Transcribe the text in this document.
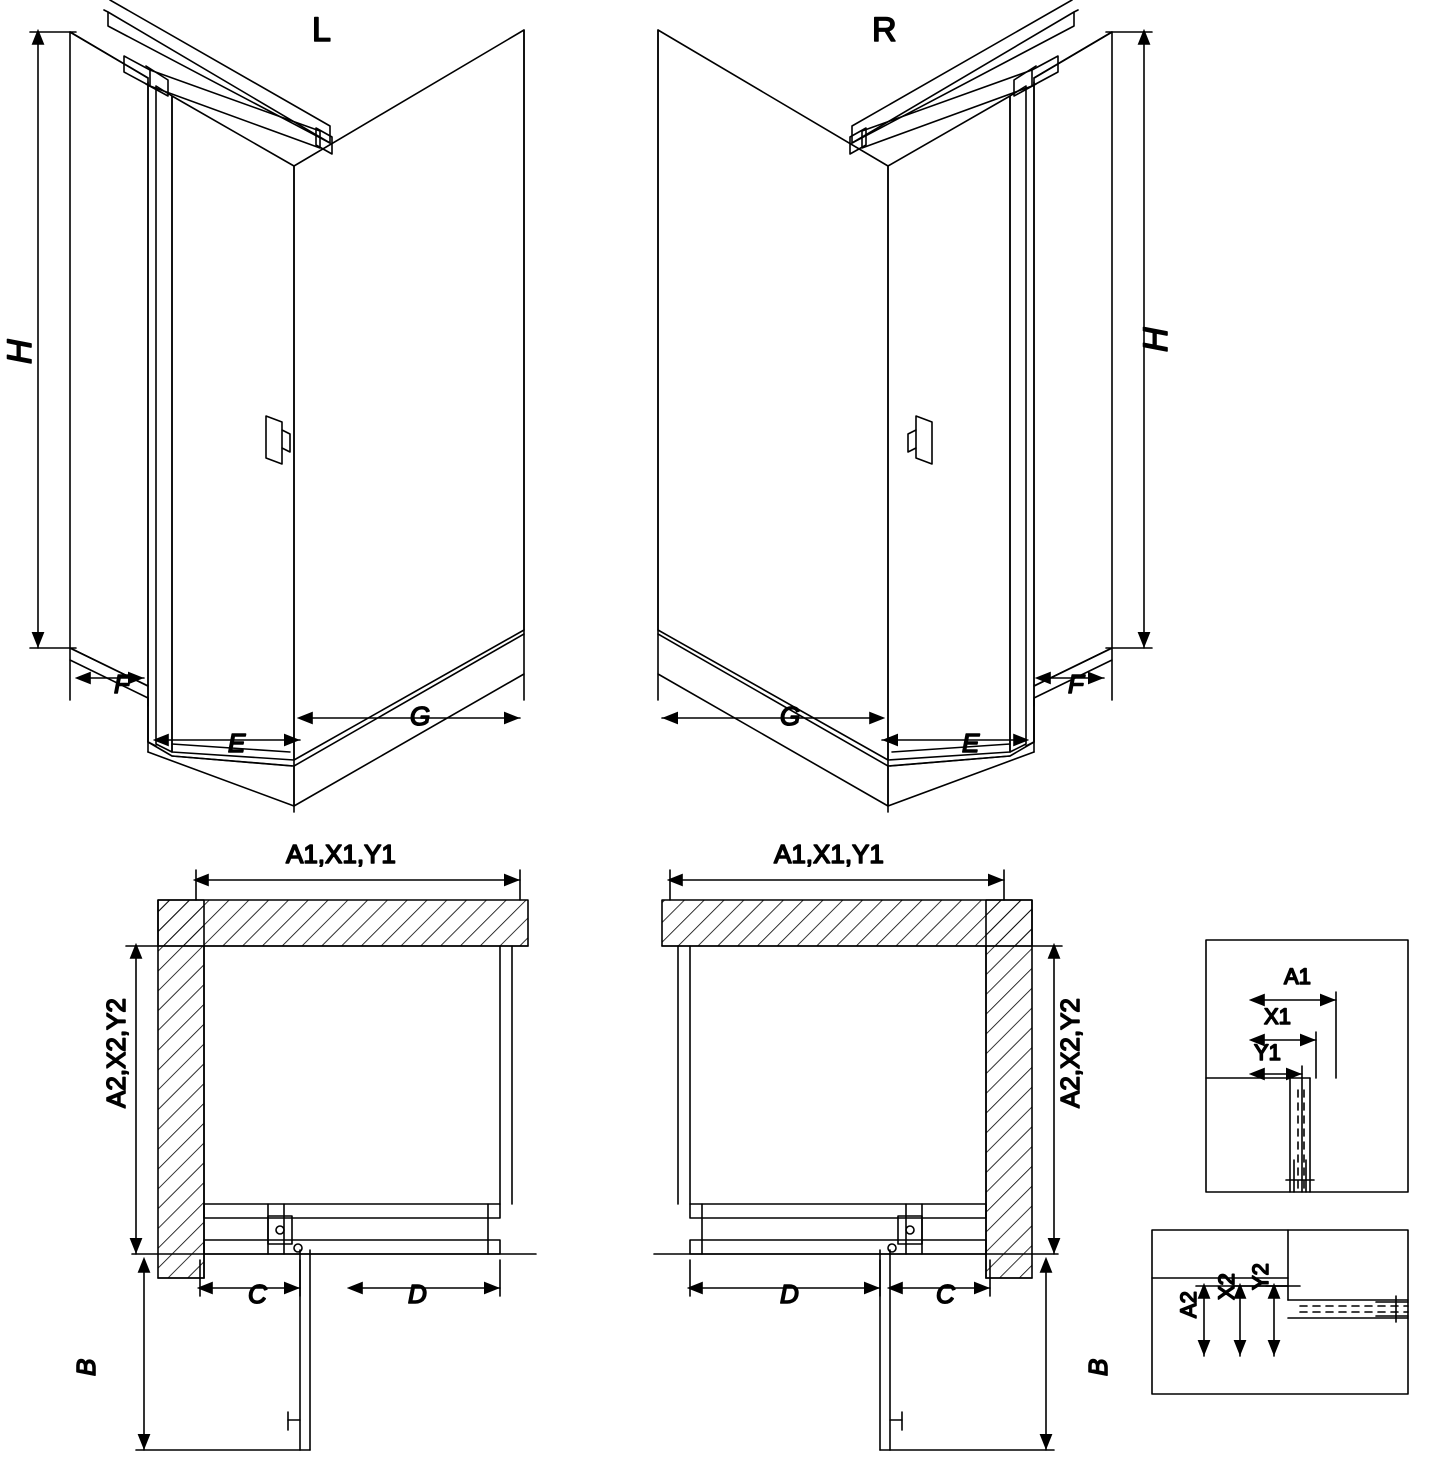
L
H
F
E
G
R
H
F
E
G
A1,X1,Y1
A2,X2,Y2
C	D
B
A1,X1,Y1
A2,X2,Y2
D	C
B
A1
X1
Y1
A2
X2 Y2
